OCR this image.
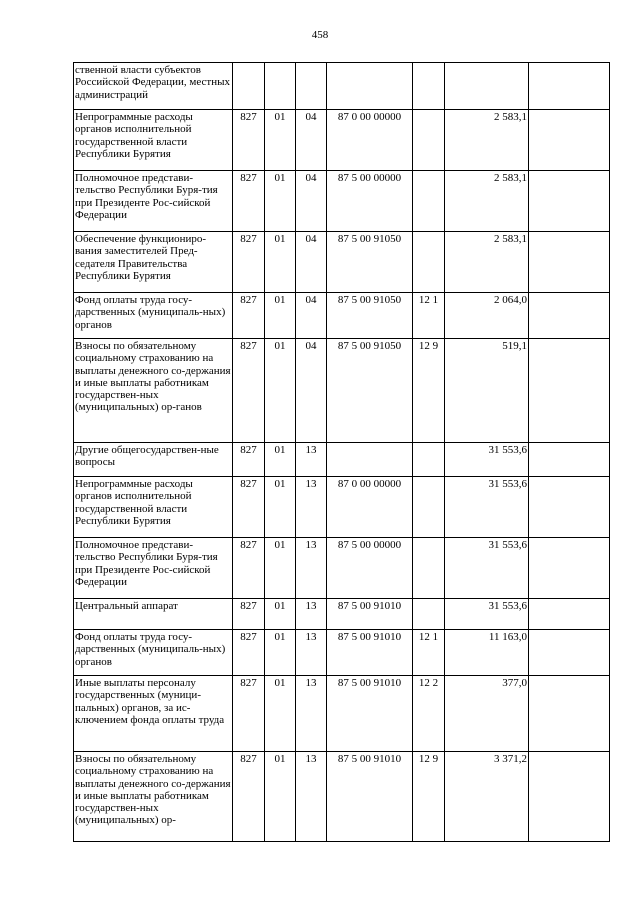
458
ственной власти субъектов Российской Федерации, местных администраций							
Непрограммные расходы органов исполнительной государственной власти Республики Бурятия	827	01	04	87 0 00 00000		2 583,1	
Полномочное представи-тельство Республики Буря-тия при Президенте Рос-сийской Федерации	827	01	04	87 5 00 00000		2 583,1	
Обеспечение функциониро-вания заместителей Пред-седателя Правительства Республики Бурятия	827	01	04	87 5 00 91050		2 583,1	
Фонд оплаты труда госу-дарственных (муниципаль-ных) органов	827	01	04	87 5 00 91050	12 1	2 064,0	
Взносы по обязательному социальному страхованию на выплаты денежного со-держания и иные выплаты работникам государствен-ных (муниципальных) ор-ганов	827	01	04	87 5 00 91050	12 9	519,1	
Другие общегосударствен-ные вопросы	827	01	13			31 553,6	
Непрограммные расходы органов исполнительной государственной власти Республики Бурятия	827	01	13	87 0 00 00000		31 553,6	
Полномочное представи-тельство Республики Буря-тия при Президенте Рос-сийской Федерации	827	01	13	87 5 00 00000		31 553,6	
Центральный аппарат	827	01	13	87 5 00 91010		31 553,6	
Фонд оплаты труда госу-дарственных (муниципаль-ных) органов	827	01	13	87 5 00 91010	12 1	11 163,0	
Иные выплаты персоналу государственных (муници-пальных) органов, за ис-ключением фонда оплаты труда	827	01	13	87 5 00 91010	12 2	377,0	
Взносы по обязательному социальному страхованию на выплаты денежного со-держания и иные выплаты работникам государствен-ных (муниципальных) ор-	827	01	13	87 5 00 91010	12 9	3 371,2	
